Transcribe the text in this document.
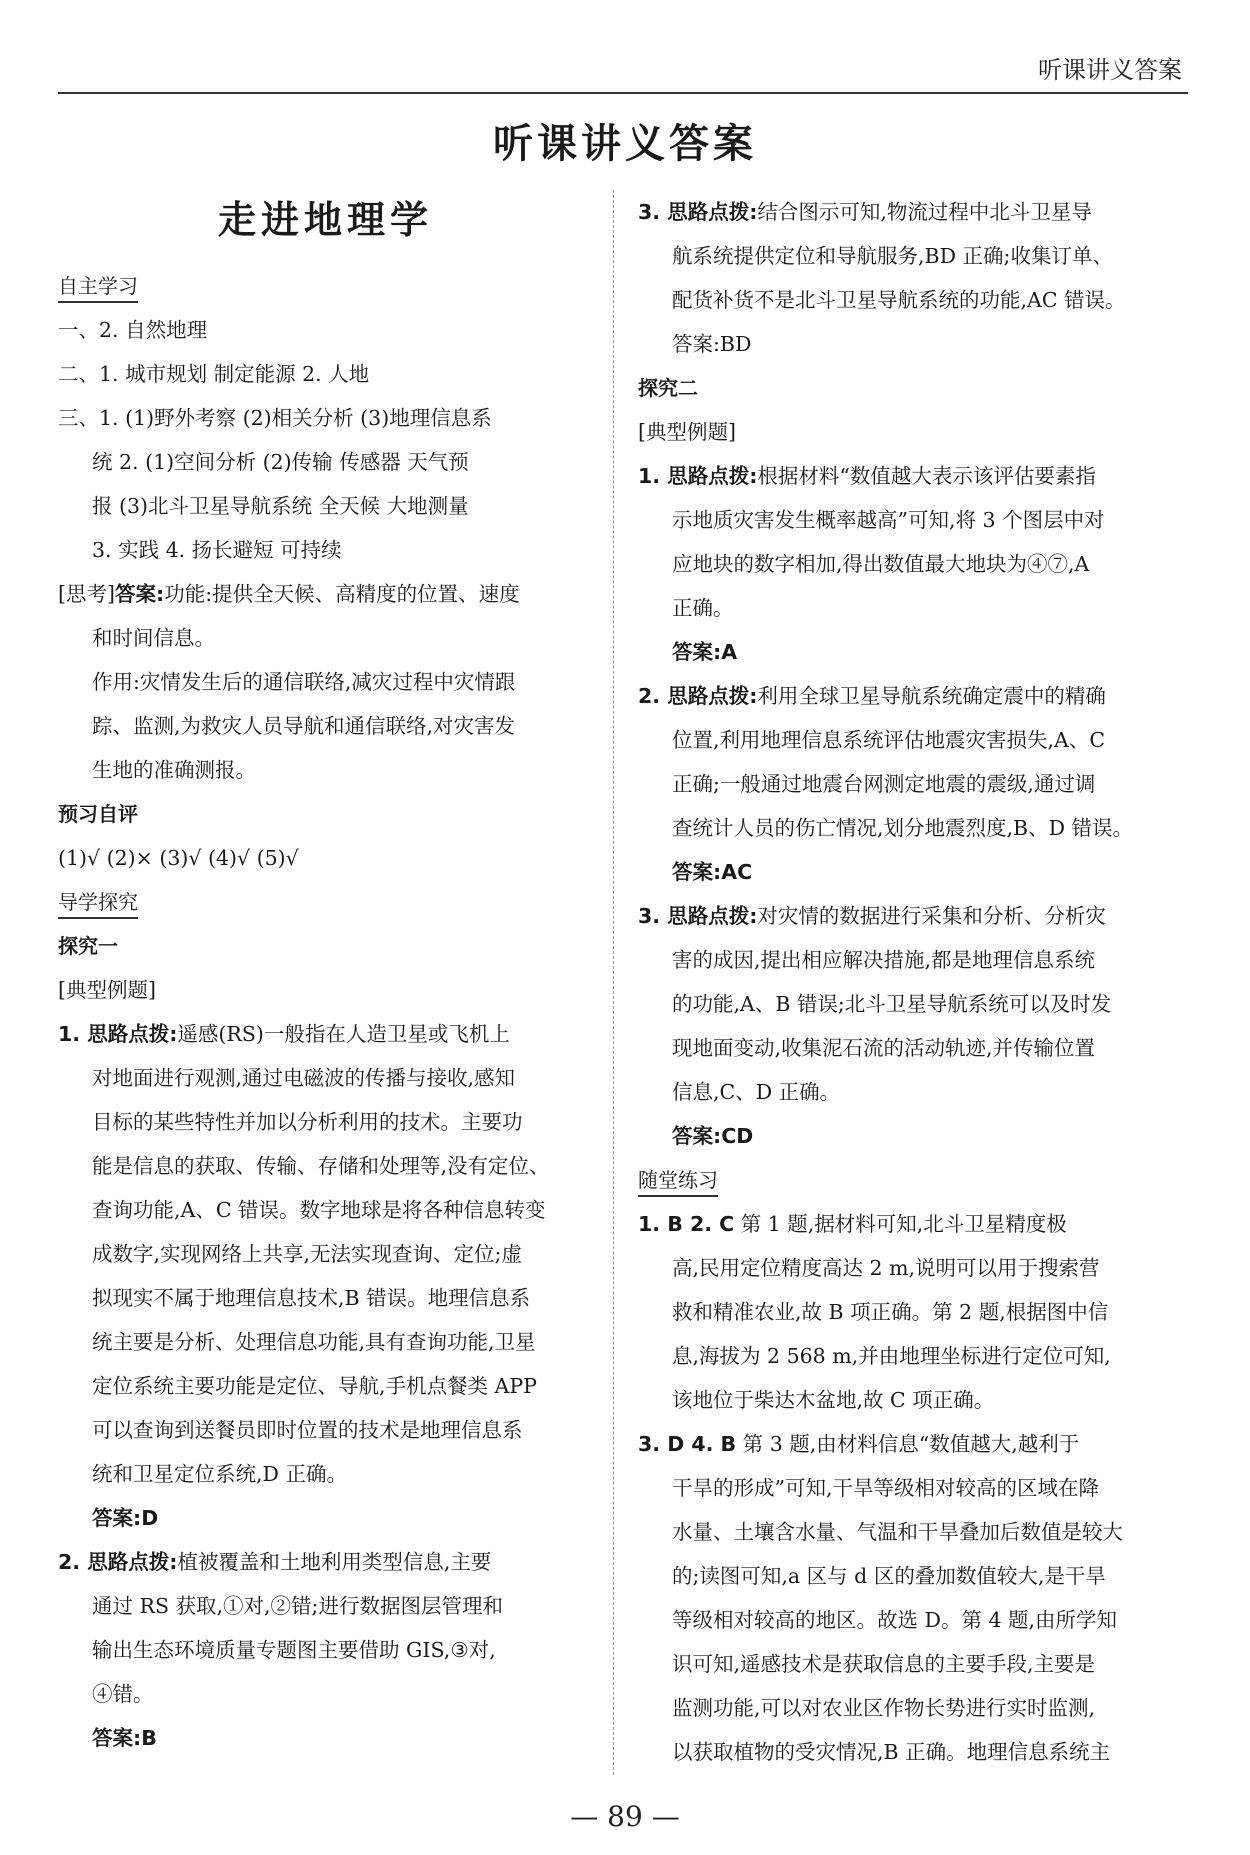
听课讲义答案
听课讲义答案
走进地理学
自主学习
一、2. 自然地理
二、1. 城市规划 制定能源 2. 人地
三、1. (1)野外考察 (2)相关分析 (3)地理信息系
统 2. (1)空间分析 (2)传输 传感器 天气预
报 (3)北斗卫星导航系统 全天候 大地测量
3. 实践 4. 扬长避短 可持续
[思考]答案:功能:提供全天候、高精度的位置、速度
和时间信息。
作用:灾情发生后的通信联络,减灾过程中灾情跟
踪、监测,为救灾人员导航和通信联络,对灾害发
生地的准确测报。
预习自评
(1)√ (2)× (3)√ (4)√ (5)√
导学探究
探究一
[典型例题]
1. 思路点拨:遥感(RS)一般指在人造卫星或飞机上
对地面进行观测,通过电磁波的传播与接收,感知
目标的某些特性并加以分析利用的技术。主要功
能是信息的获取、传输、存储和处理等,没有定位、
查询功能,A、C 错误。数字地球是将各种信息转变
成数字,实现网络上共享,无法实现查询、定位;虚
拟现实不属于地理信息技术,B 错误。地理信息系
统主要是分析、处理信息功能,具有查询功能,卫星
定位系统主要功能是定位、导航,手机点餐类 APP
可以查询到送餐员即时位置的技术是地理信息系
统和卫星定位系统,D 正确。
答案:D
2. 思路点拨:植被覆盖和土地利用类型信息,主要
通过 RS 获取,①对,②错;进行数据图层管理和
输出生态环境质量专题图主要借助 GIS,③对,
④错。
答案:B
3. 思路点拨:结合图示可知,物流过程中北斗卫星导
航系统提供定位和导航服务,BD 正确;收集订单、
配货补货不是北斗卫星导航系统的功能,AC 错误。
答案:BD
探究二
[典型例题]
1. 思路点拨:根据材料“数值越大表示该评估要素指
示地质灾害发生概率越高”可知,将 3 个图层中对
应地块的数字相加,得出数值最大地块为④⑦,A
正确。
答案:A
2. 思路点拨:利用全球卫星导航系统确定震中的精确
位置,利用地理信息系统评估地震灾害损失,A、C
正确;一般通过地震台网测定地震的震级,通过调
查统计人员的伤亡情况,划分地震烈度,B、D 错误。
答案:AC
3. 思路点拨:对灾情的数据进行采集和分析、分析灾
害的成因,提出相应解决措施,都是地理信息系统
的功能,A、B 错误;北斗卫星导航系统可以及时发
现地面变动,收集泥石流的活动轨迹,并传输位置
信息,C、D 正确。
答案:CD
随堂练习
1. B 2. C 第 1 题,据材料可知,北斗卫星精度极
高,民用定位精度高达 2 m,说明可以用于搜索营
救和精准农业,故 B 项正确。第 2 题,根据图中信
息,海拔为 2 568 m,并由地理坐标进行定位可知,
该地位于柴达木盆地,故 C 项正确。
3. D 4. B 第 3 题,由材料信息“数值越大,越利于
干旱的形成”可知,干旱等级相对较高的区域在降
水量、土壤含水量、气温和干旱叠加后数值是较大
的;读图可知,a 区与 d 区的叠加数值较大,是干旱
等级相对较高的地区。故选 D。第 4 题,由所学知
识可知,遥感技术是获取信息的主要手段,主要是
监测功能,可以对农业区作物长势进行实时监测,
以获取植物的受灾情况,B 正确。地理信息系统主
— 89 —
